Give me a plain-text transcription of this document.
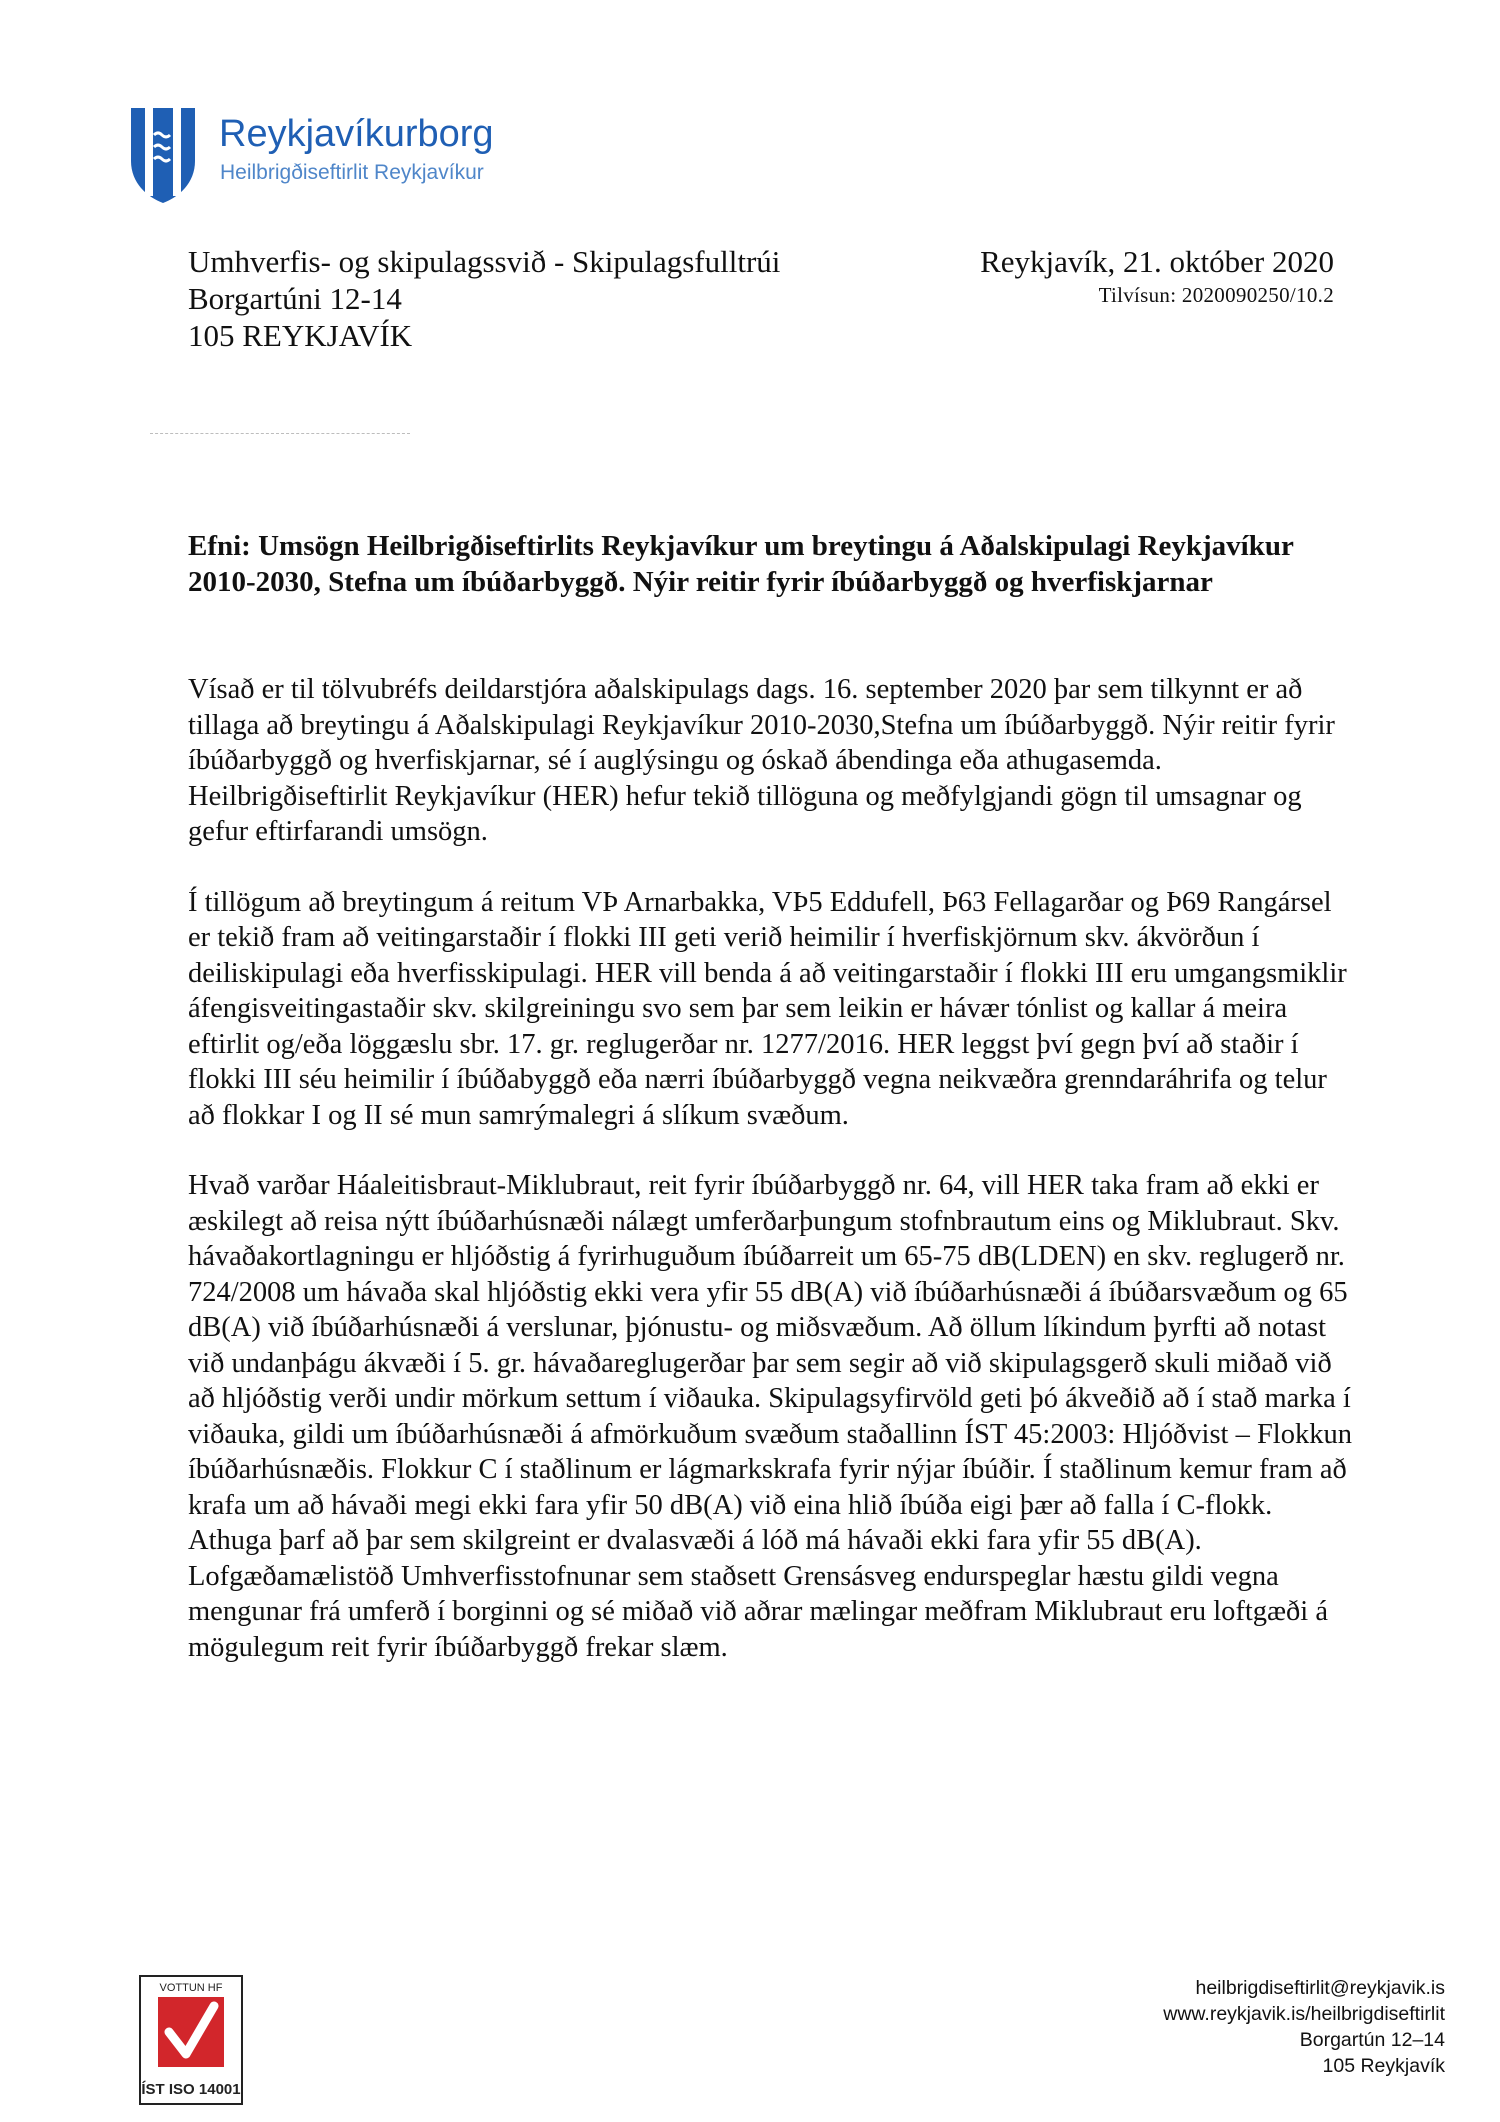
Reykjavíkurborg
Heilbrigðiseftirlit Reykjavíkur
Umhverfis- og skipulagssvið - Skipulagsfulltrúi
Borgartúni 12-14
105 REYKJAVÍK
Reykjavík, 21. október 2020
Tilvísun: 2020090250/10.2
Efni: Umsögn Heilbrigðiseftirlits Reykjavíkur um breytingu á Aðalskipulagi Reykjavíkur 2010-2030, Stefna um íbúðarbyggð. Nýir reitir fyrir íbúðarbyggð og hverfiskjarnar

Vísað er til tölvubréfs deildarstjóra aðalskipulags dags. 16. september 2020 þar sem tilkynnt er að tillaga að breytingu á Aðalskipulagi Reykjavíkur 2010-2030,Stefna um íbúðarbyggð. Nýir reitir fyrir íbúðarbyggð og hverfiskjarnar, sé í auglýsingu og óskað ábendinga eða athugasemda. Heilbrigðiseftirlit Reykjavíkur (HER) hefur tekið tillöguna og meðfylgjandi gögn til umsagnar og gefur eftirfarandi umsögn.

Í tillögum að breytingum á reitum VÞ Arnarbakka, VÞ5 Eddufell, Þ63 Fellagarðar og Þ69 Rangársel er tekið fram að veitingarstaðir í flokki III geti verið heimilir í hverfiskjörnum skv. ákvörðun í deiliskipulagi eða hverfisskipulagi. HER vill benda á að veitingarstaðir í flokki III eru umgangsmiklir áfengisveitingastaðir skv. skilgreiningu svo sem þar sem leikin er hávær tónlist og kallar á meira eftirlit og/eða löggæslu sbr. 17. gr. reglugerðar nr. 1277/2016. HER leggst því gegn því að staðir í flokki III séu heimilir í íbúðabyggð eða nærri íbúðarbyggð vegna neikvæðra grenndaráhrifa og telur að flokkar I og II sé mun samrýmalegri á slíkum svæðum.

Hvað varðar Háaleitisbraut-Miklubraut, reit fyrir íbúðarbyggð nr. 64, vill HER taka fram að ekki er æskilegt að reisa nýtt íbúðarhúsnæði nálægt umferðarþungum stofnbrautum eins og Miklubraut. Skv. hávaðakortlagningu er hljóðstig á fyrirhuguðum íbúðarreit um 65-75 dB(LDEN) en skv. reglugerð nr. 724/2008 um hávaða skal hljóðstig ekki vera yfir 55 dB(A) við íbúðarhúsnæði á íbúðarsvæðum og 65 dB(A) við íbúðarhúsnæði á verslunar, þjónustu- og miðsvæðum. Að öllum líkindum þyrfti að notast við undanþágu ákvæði í 5. gr. hávaðareglugerðar þar sem segir að við skipulagsgerð skuli miðað við að hljóðstig verði undir mörkum settum í viðauka. Skipulagsyfirvöld geti þó ákveðið að í stað marka í viðauka, gildi um íbúðarhúsnæði á afmörkuðum svæðum staðallinn ÍST 45:2003: Hljóðvist – Flokkun íbúðarhúsnæðis. Flokkur C í staðlinum er lágmarkskrafa fyrir nýjar íbúðir. Í staðlinum kemur fram að krafa um að hávaði megi ekki fara yfir 50 dB(A) við eina hlið íbúða eigi þær að falla í C-flokk. Athuga þarf að þar sem skilgreint er dvalasvæði á lóð má hávaði ekki fara yfir 55 dB(A). Lofgæðamælistöð Umhverfisstofnunar sem staðsett Grensásveg endurspeglar hæstu gildi vegna mengunar frá umferð í borginni og sé miðað við aðrar mælingar meðfram Miklubraut eru loftgæði á mögulegum reit fyrir íbúðarbyggð frekar slæm.

VOTTUN HF
ÍST ISO 14001
heilbrigdiseftirlit@reykjavik.is
www.reykjavik.is/heilbrigdiseftirlit
Borgartún 12–14
105 Reykjavík
